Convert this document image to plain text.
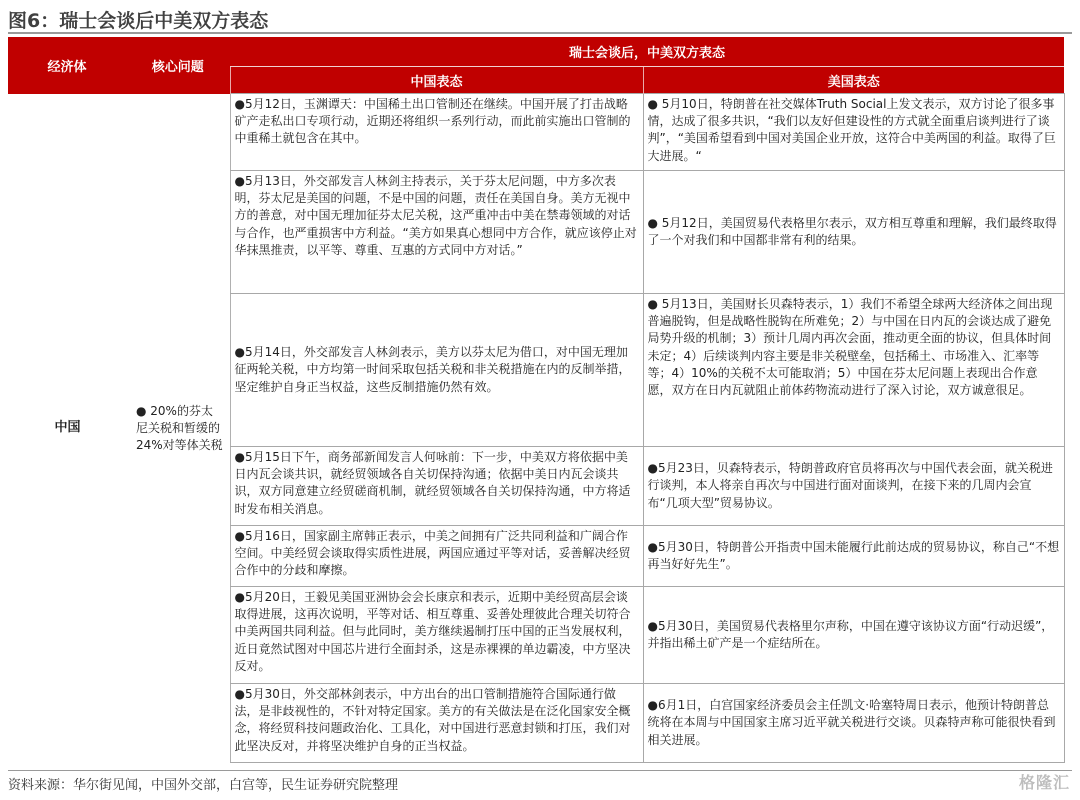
图6：瑞士会谈后中美双方表态
经济体	核心问题	瑞士会谈后，中美双方表态	
		中国表态	美国表态
中国	● 20%的芬太尼关税和暂缓的24%对等体关税	●5月12日，玉渊谭天：中国稀土出口管制还在继续。中国开展了打击战略矿产走私出口专项行动，近期还将组织一系列行动，而此前实施出口管制的中重稀土就包含在其中。	● 5月10日，特朗普在社交媒体Truth Social上发文表示，双方讨论了很多事情，达成了很多共识，“我们以友好但建设性的方式就全面重启谈判进行了谈判”，“美国希望看到中国对美国企业开放，这符合中美两国的利益。取得了巨大进展。“
		●5月13日，外交部发言人林剑主持表示，关于芬太尼问题，中方多次表明，芬太尼是美国的问题，不是中国的问题，责任在美国自身。美方无视中方的善意，对中国无理加征芬太尼关税，这严重冲击中美在禁毒领域的对话与合作，也严重损害中方利益。“美方如果真心想同中方合作，就应该停止对华抹黑推责，以平等、尊重、互惠的方式同中方对话。”	● 5月12日，美国贸易代表格里尔表示，双方相互尊重和理解，我们最终取得了一个对我们和中国都非常有利的结果。
		●5月14日，外交部发言人林剑表示，美方以芬太尼为借口，对中国无理加征两轮关税，中方均第一时间采取包括关税和非关税措施在内的反制举措，坚定维护自身正当权益，这些反制措施仍然有效。	● 5月13日，美国财长贝森特表示，1）我们不希望全球两大经济体之间出现普遍脱钩，但是战略性脱钩在所难免；2）与中国在日内瓦的会谈达成了避免局势升级的机制；3）预计几周内再次会面，推动更全面的协议，但具体时间未定；4）后续谈判内容主要是非关税壁垒，包括稀土、市场准入、汇率等等；4）10%的关税不太可能取消；5）中国在芬太尼问题上表现出合作意愿，双方在日内瓦就阻止前体药物流动进行了深入讨论，双方诚意很足。
		●5月15日下午，商务部新闻发言人何咏前：下一步，中美双方将依据中美日内瓦会谈共识，就经贸领域各自关切保持沟通；依据中美日内瓦会谈共识，双方同意建立经贸磋商机制，就经贸领域各自关切保持沟通，中方将适时发布相关消息。	●5月23日，贝森特表示，特朗普政府官员将再次与中国代表会面，就关税进行谈判，本人将亲自再次与中国进行面对面谈判，在接下来的几周内会宣布“几项大型”贸易协议。
		●5月16日，国家副主席韩正表示，中美之间拥有广泛共同利益和广阔合作空间。中美经贸会谈取得实质性进展，两国应通过平等对话，妥善解决经贸合作中的分歧和摩擦。	●5月30日，特朗普公开指责中国未能履行此前达成的贸易协议，称自己“不想再当好好先生”。
		●5月20日，王毅见美国亚洲协会会长康京和表示，近期中美经贸高层会谈取得进展，这再次说明，平等对话、相互尊重、妥善处理彼此合理关切符合中美两国共同利益。但与此同时，美方继续遏制打压中国的正当发展权利，近日竟然试图对中国芯片进行全面封杀，这是赤裸裸的单边霸凌，中方坚决反对。	●5月30日，美国贸易代表格里尔声称，中国在遵守该协议方面“行动迟缓”，并指出稀土矿产是一个症结所在。
		●5月30日，外交部林剑表示，中方出台的出口管制措施符合国际通行做法，是非歧视性的，不针对特定国家。美方的有关做法是在泛化国家安全概念，将经贸科技问题政治化、工具化，对中国进行恶意封锁和打压，我们对此坚决反对，并将坚决维护自身的正当权益。	●6月1日，白宫国家经济委员会主任凯文·哈塞特周日表示，他预计特朗普总统将在本周与中国国家主席习近平就关税进行交谈。贝森特声称可能很快看到相关进展。
资料来源：华尔街见闻，中国外交部，白宫等，民生证券研究院整理	格隆汇
